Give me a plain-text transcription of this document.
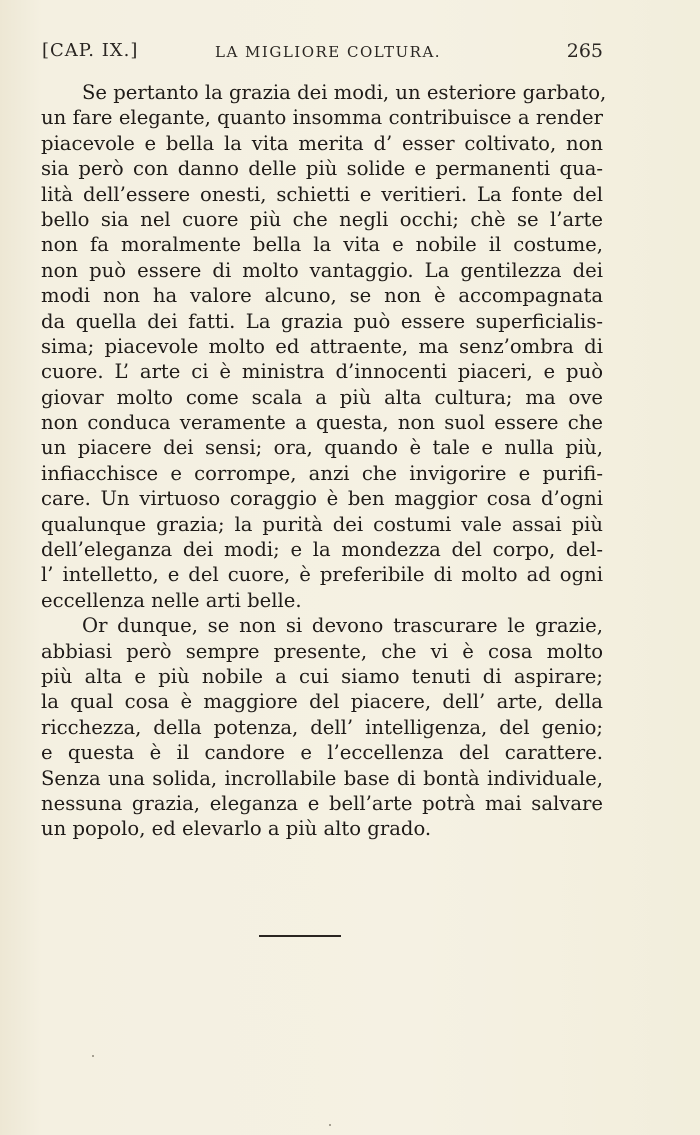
[CAP. IX.]	LA MIGLIORE COLTURA.	265
Se pertanto la grazia dei modi, un esteriore garbato,
un fare elegante, quanto insomma contribuisce a render
piacevole e bella la vita merita d’ esser coltivato, non
sia però con danno delle più solide e permanenti qua-
lità dell’essere onesti, schietti e veritieri. La fonte del
bello sia nel cuore più che negli occhi; chè se l’arte
non fa moralmente bella la vita e nobile il costume,
non può essere di molto vantaggio. La gentilezza dei
modi non ha valore alcuno, se non è accompagnata
da quella dei fatti. La grazia può essere superficialis-
sima; piacevole molto ed attraente, ma senz’ombra di
cuore. L’ arte ci è ministra d’innocenti piaceri, e può
giovar molto come scala a più alta cultura; ma ove
non conduca veramente a questa, non suol essere che
un piacere dei sensi; ora, quando è tale e nulla più,
infiacchisce e corrompe, anzi che invigorire e purifi-
care. Un virtuoso coraggio è ben maggior cosa d’ogni
qualunque grazia; la purità dei costumi vale assai più
dell’eleganza dei modi; e la mondezza del corpo, del-
l’ intelletto, e del cuore, è preferibile di molto ad ogni
eccellenza nelle arti belle.
Or dunque, se non si devono trascurare le grazie,
abbiasi però sempre presente, che vi è cosa molto
più alta e più nobile a cui siamo tenuti di aspirare;
la qual cosa è maggiore del piacere, dell’ arte, della
ricchezza, della potenza, dell’ intelligenza, del genio;
e questa è il candore e l’eccellenza del carattere.
Senza una solida, incrollabile base di bontà individuale,
nessuna grazia, eleganza e bell’arte potrà mai salvare
un popolo, ed elevarlo a più alto grado.
